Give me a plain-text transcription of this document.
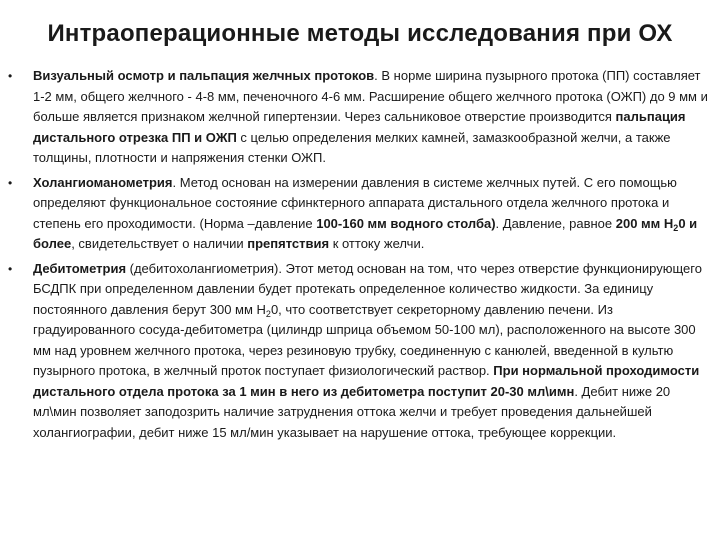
Интраоперационные методы исследования при ОХ
• Визуальный осмотр и пальпация желчных протоков. В норме ширина пузырного протока (ПП) составляет 1-2 мм, общего желчного - 4-8 мм, печеночного 4-6 мм. Расширение общего желчного протока (ОЖП) до 9 мм и больше является признаком желчной гипертензии. Через сальниковое отверстие производится пальпация дистального отрезка ПП и ОЖП с целью определения мелких камней, замазкообразной желчи, а также толщины, плотности и напряжения стенки ОЖП.
• Холангиоманометрия. Метод основан на измерении давления в системе желчных путей. С его помощью определяют функциональное состояние сфинктерного аппарата дистального отдела желчного протока и степень его проходимости. (Норма –давление 100-160 мм водного столба). Давление, равное 200 мм $Н_20$ и более, свидетельствует о наличии препятствия к оттоку желчи.
• Дебитометрия (дебитохолангиометрия). Этот метод основан на том, что через отверстие функционирующего БСДПК при определенном давлении будет протекать определенное количество жидкости. За единицу постоянного давления берут 300 мм $Н_20$, что соответствует секреторному давлению печени. Из градуированного сосуда-дебитометра (цилиндр шприца объемом 50-100 мл), расположенного на высоте 300 мм над уровнем желчного протока, через резиновую трубку, соединенную с канюлей, введенной в культю пузырного протока, в желчный проток поступает физиологический раствор. При нормальной проходимости дистального отдела протока за 1 мин в него из дебитометра поступит 20-30 мл\имн. Дебит ниже 20 мл\мин позволяет заподозрить наличие затруднения оттока желчи и требует проведения дальнейшей холангиографии, дебит ниже 15 мл/мин указывает на нарушение оттока, требующее коррекции.
